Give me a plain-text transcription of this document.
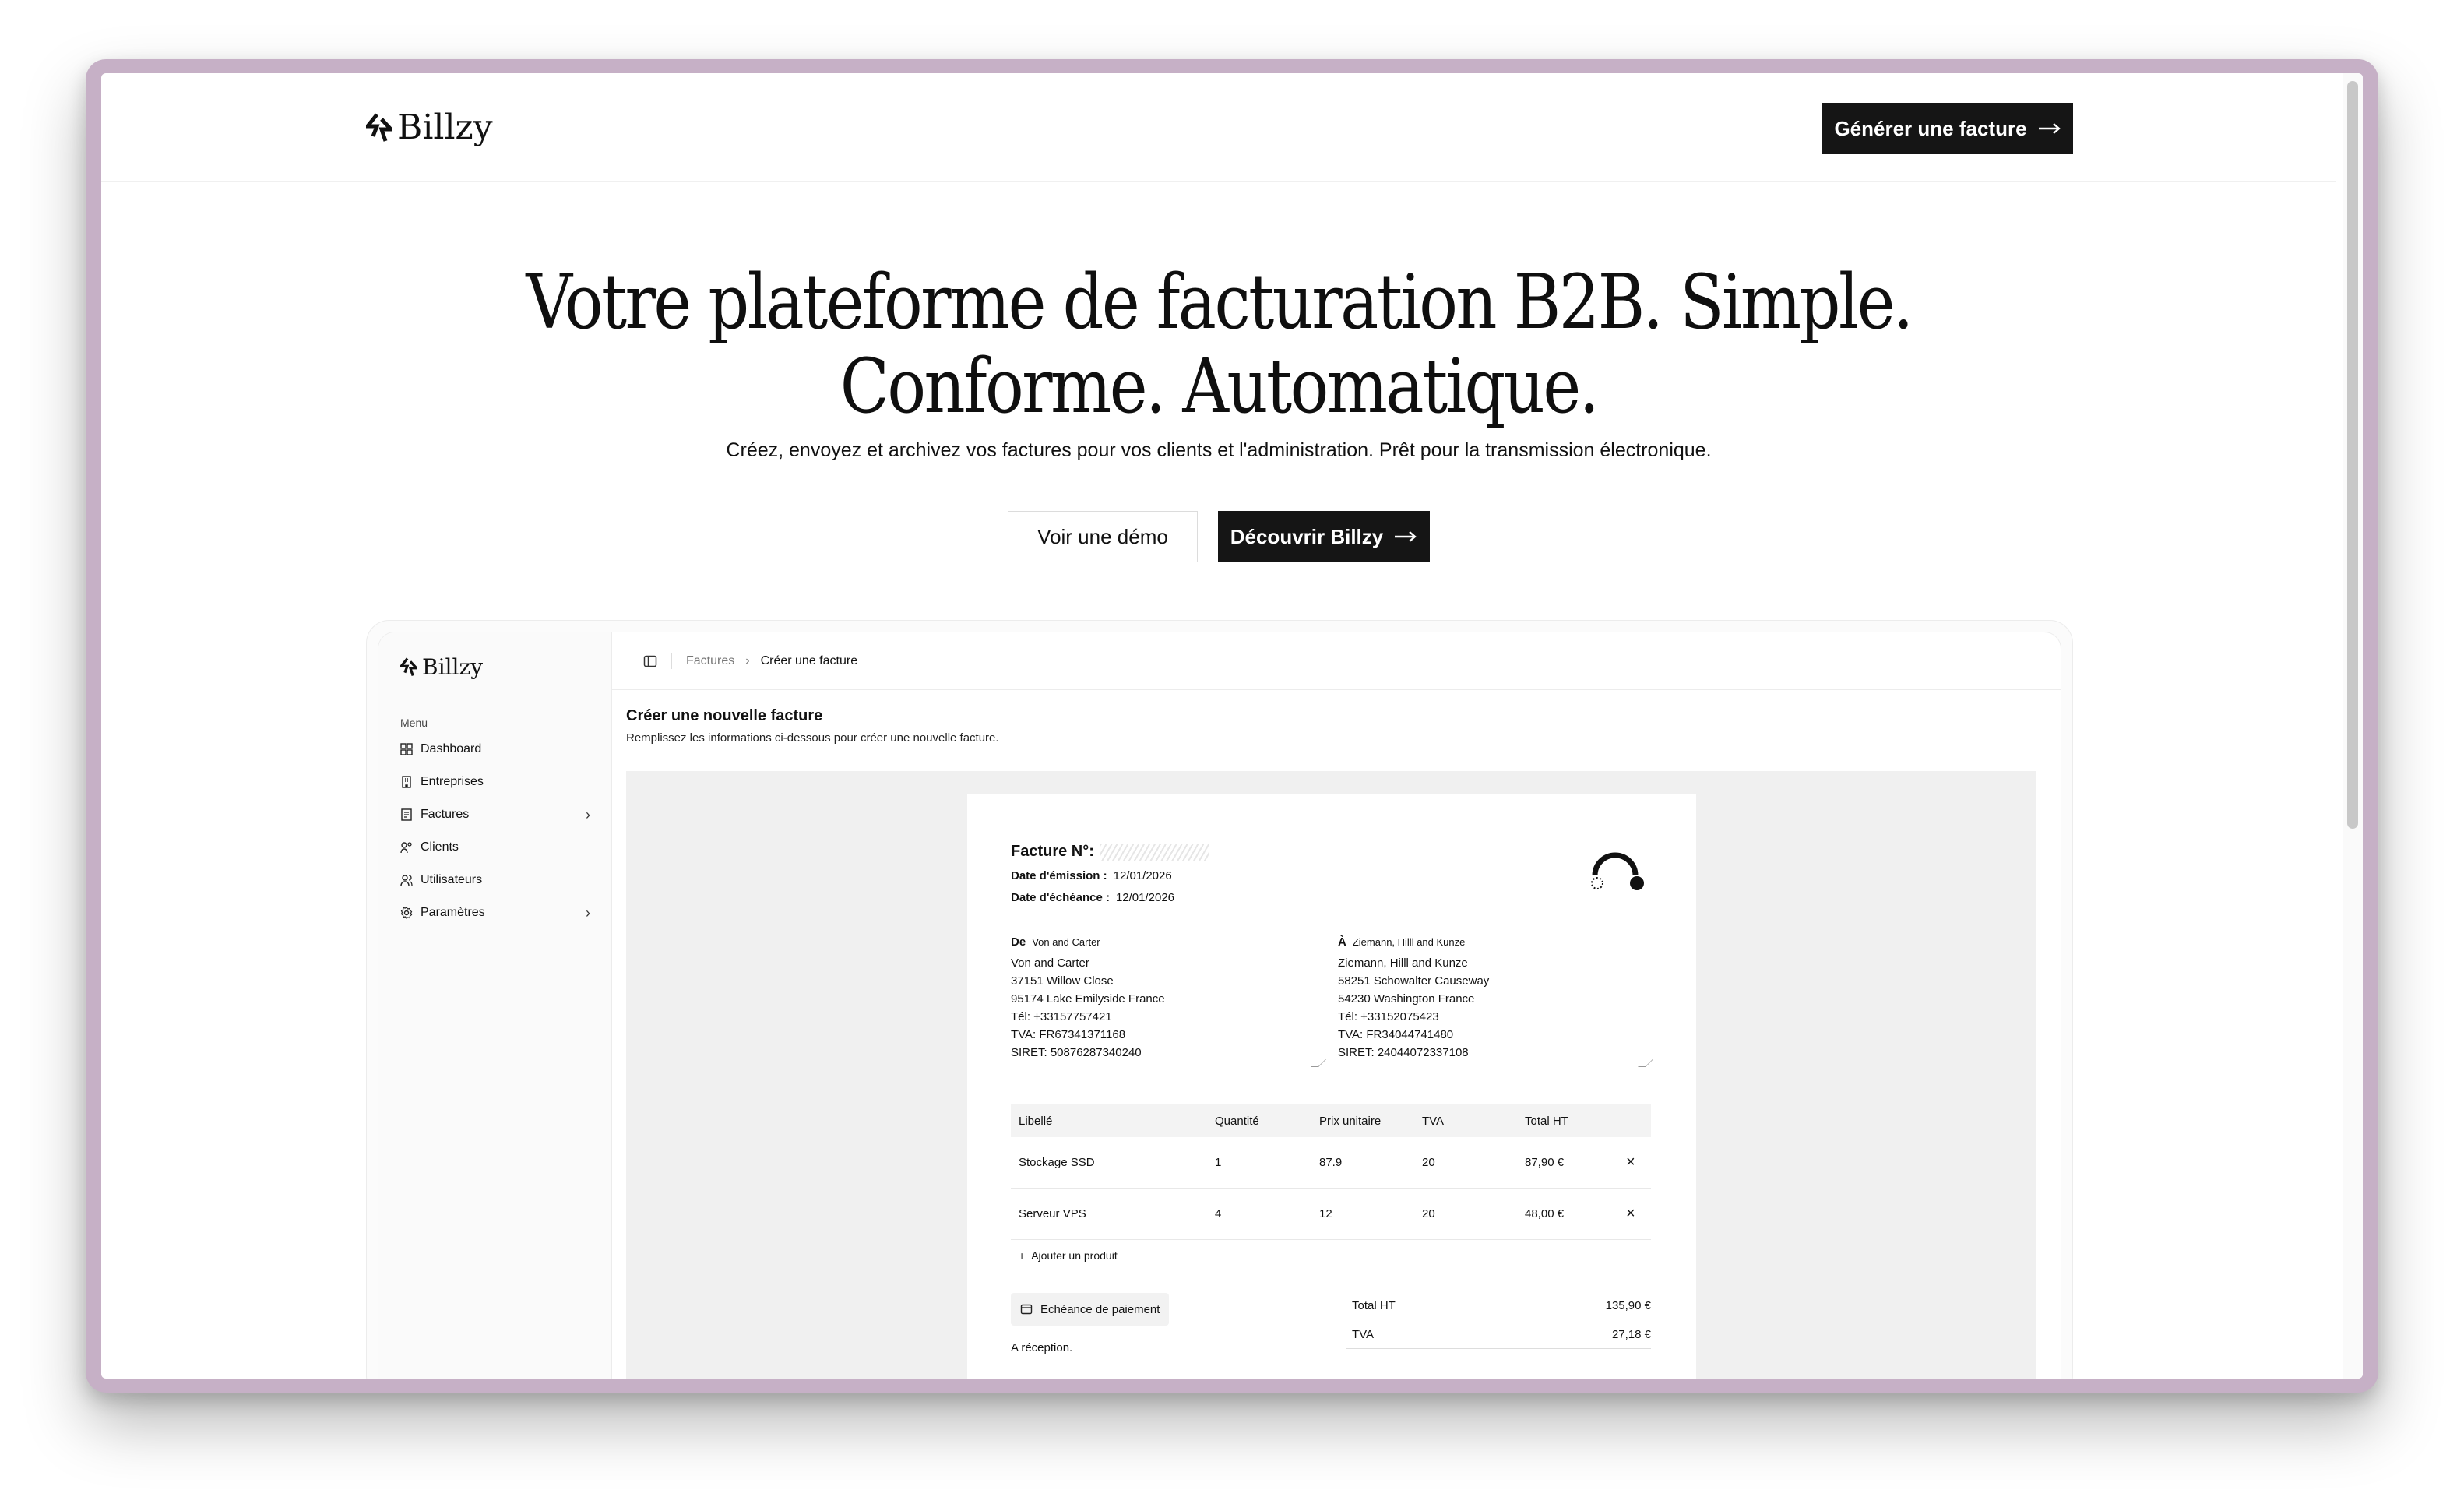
Billzy	Générer une facture
Votre plateforme de facturation B2B. Simple.
Conforme. Automatique.
Créez, envoyez et archivez vos factures pour vos clients et l'administration. Prêt pour la transmission électronique.
Voir une démo	Découvrir Billzy
Billzy
Menu
Dashboard
Entreprises
Factures	›
Clients
Utilisateurs
Paramètres	›
Factures › Créer une facture
Créer une nouvelle facture
Remplissez les informations ci-dessous pour créer une nouvelle facture.
Facture N°:
Date d'émission : 12/01/2026
Date d'échéance : 12/01/2026
De Von and Carter
Von and Carter
37151 Willow Close
95174 Lake Emilyside France
Tél: +33157757421
TVA: FR67341371168
SIRET: 50876287340240
À Ziemann, Hilll and Kunze
Ziemann, Hilll and Kunze
58251 Schowalter Causeway
54230 Washington France
Tél: +33152075423
TVA: FR34044741480
SIRET: 24044072337108
Libellé	Quantité	Prix unitaire	TVA	Total HT
Stockage SSD	1	87.9	20	87,90 €	×
Serveur VPS	4	12	20	48,00 €	×
+ Ajouter un produit
Echéance de paiement
A réception.
Total HT	135,90 €
TVA	27,18 €
